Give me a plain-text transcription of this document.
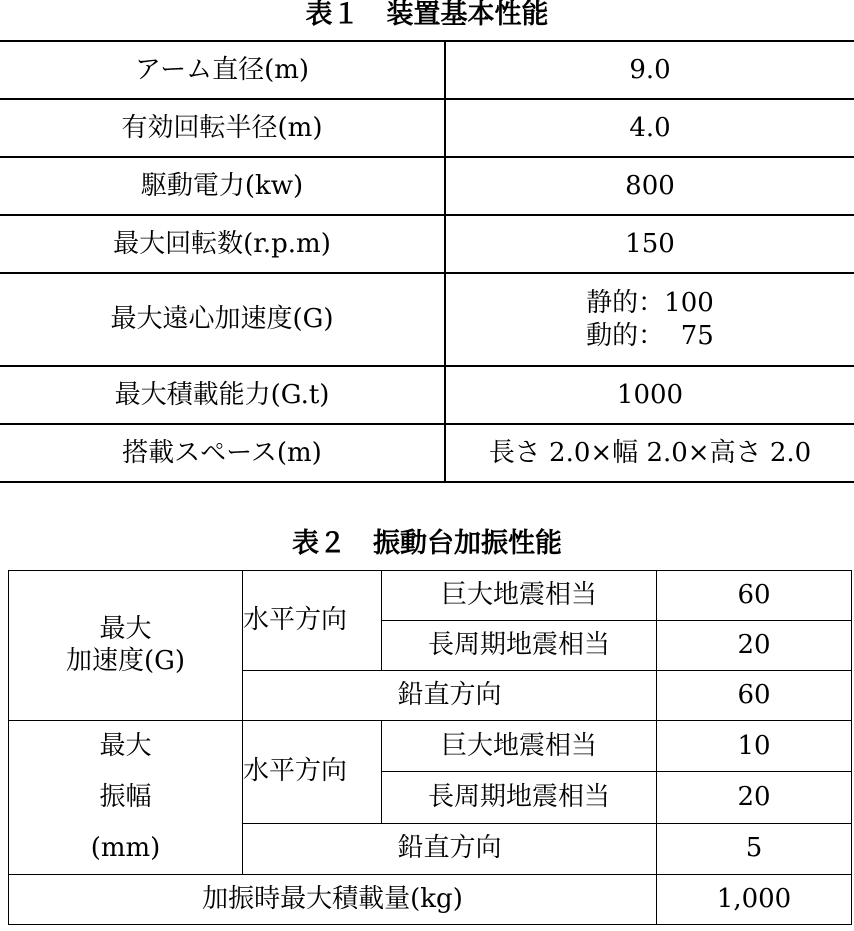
表１　装置基本性能
アーム直径(m)	9.0
有効回転半径(m)	4.0
駆動電力(kw)	800
最大回転数(r.p.m)	150
最大遠心加速度(G)	静的：100
動的：  75
最大積載能力(G.t)	1000
搭載スペース(m)	長さ 2.0×幅 2.0×高さ 2.0
表２　振動台加振性能
最大
加速度(G)	水平方向	巨大地震相当	60
		長周期地震相当	20
	鉛直方向		60
最大
振幅
(mm)	水平方向	巨大地震相当	10
		長周期地震相当	20
	鉛直方向		5
加振時最大積載量(kg)			1,000
